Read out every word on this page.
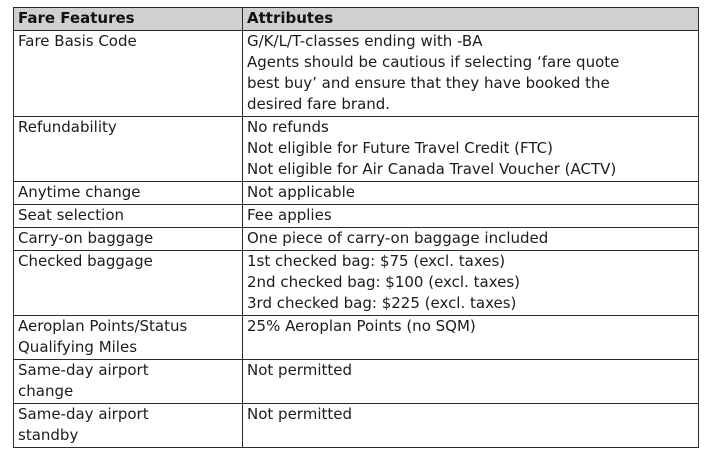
Fare Features	Attributes

Fare Basis Code	G/K/L/T-classes ending with -BA
Agents should be cautious if selecting ‘fare quote
best buy’ and ensure that they have booked the
desired fare brand.

Refundability	No refunds
Not eligible for Future Travel Credit (FTC)
Not eligible for Air Canada Travel Voucher (ACTV)

Anytime change	Not applicable

Seat selection	Fee applies

Carry-on baggage	One piece of carry-on baggage included

Checked baggage	1st checked bag: $75 (excl. taxes)
2nd checked bag: $100 (excl. taxes)
3rd checked bag: $225 (excl. taxes)

Aeroplan Points/Status
Qualifying Miles	25% Aeroplan Points (no SQM)

Same-day airport
change	Not permitted

Same-day airport
standby	Not permitted
